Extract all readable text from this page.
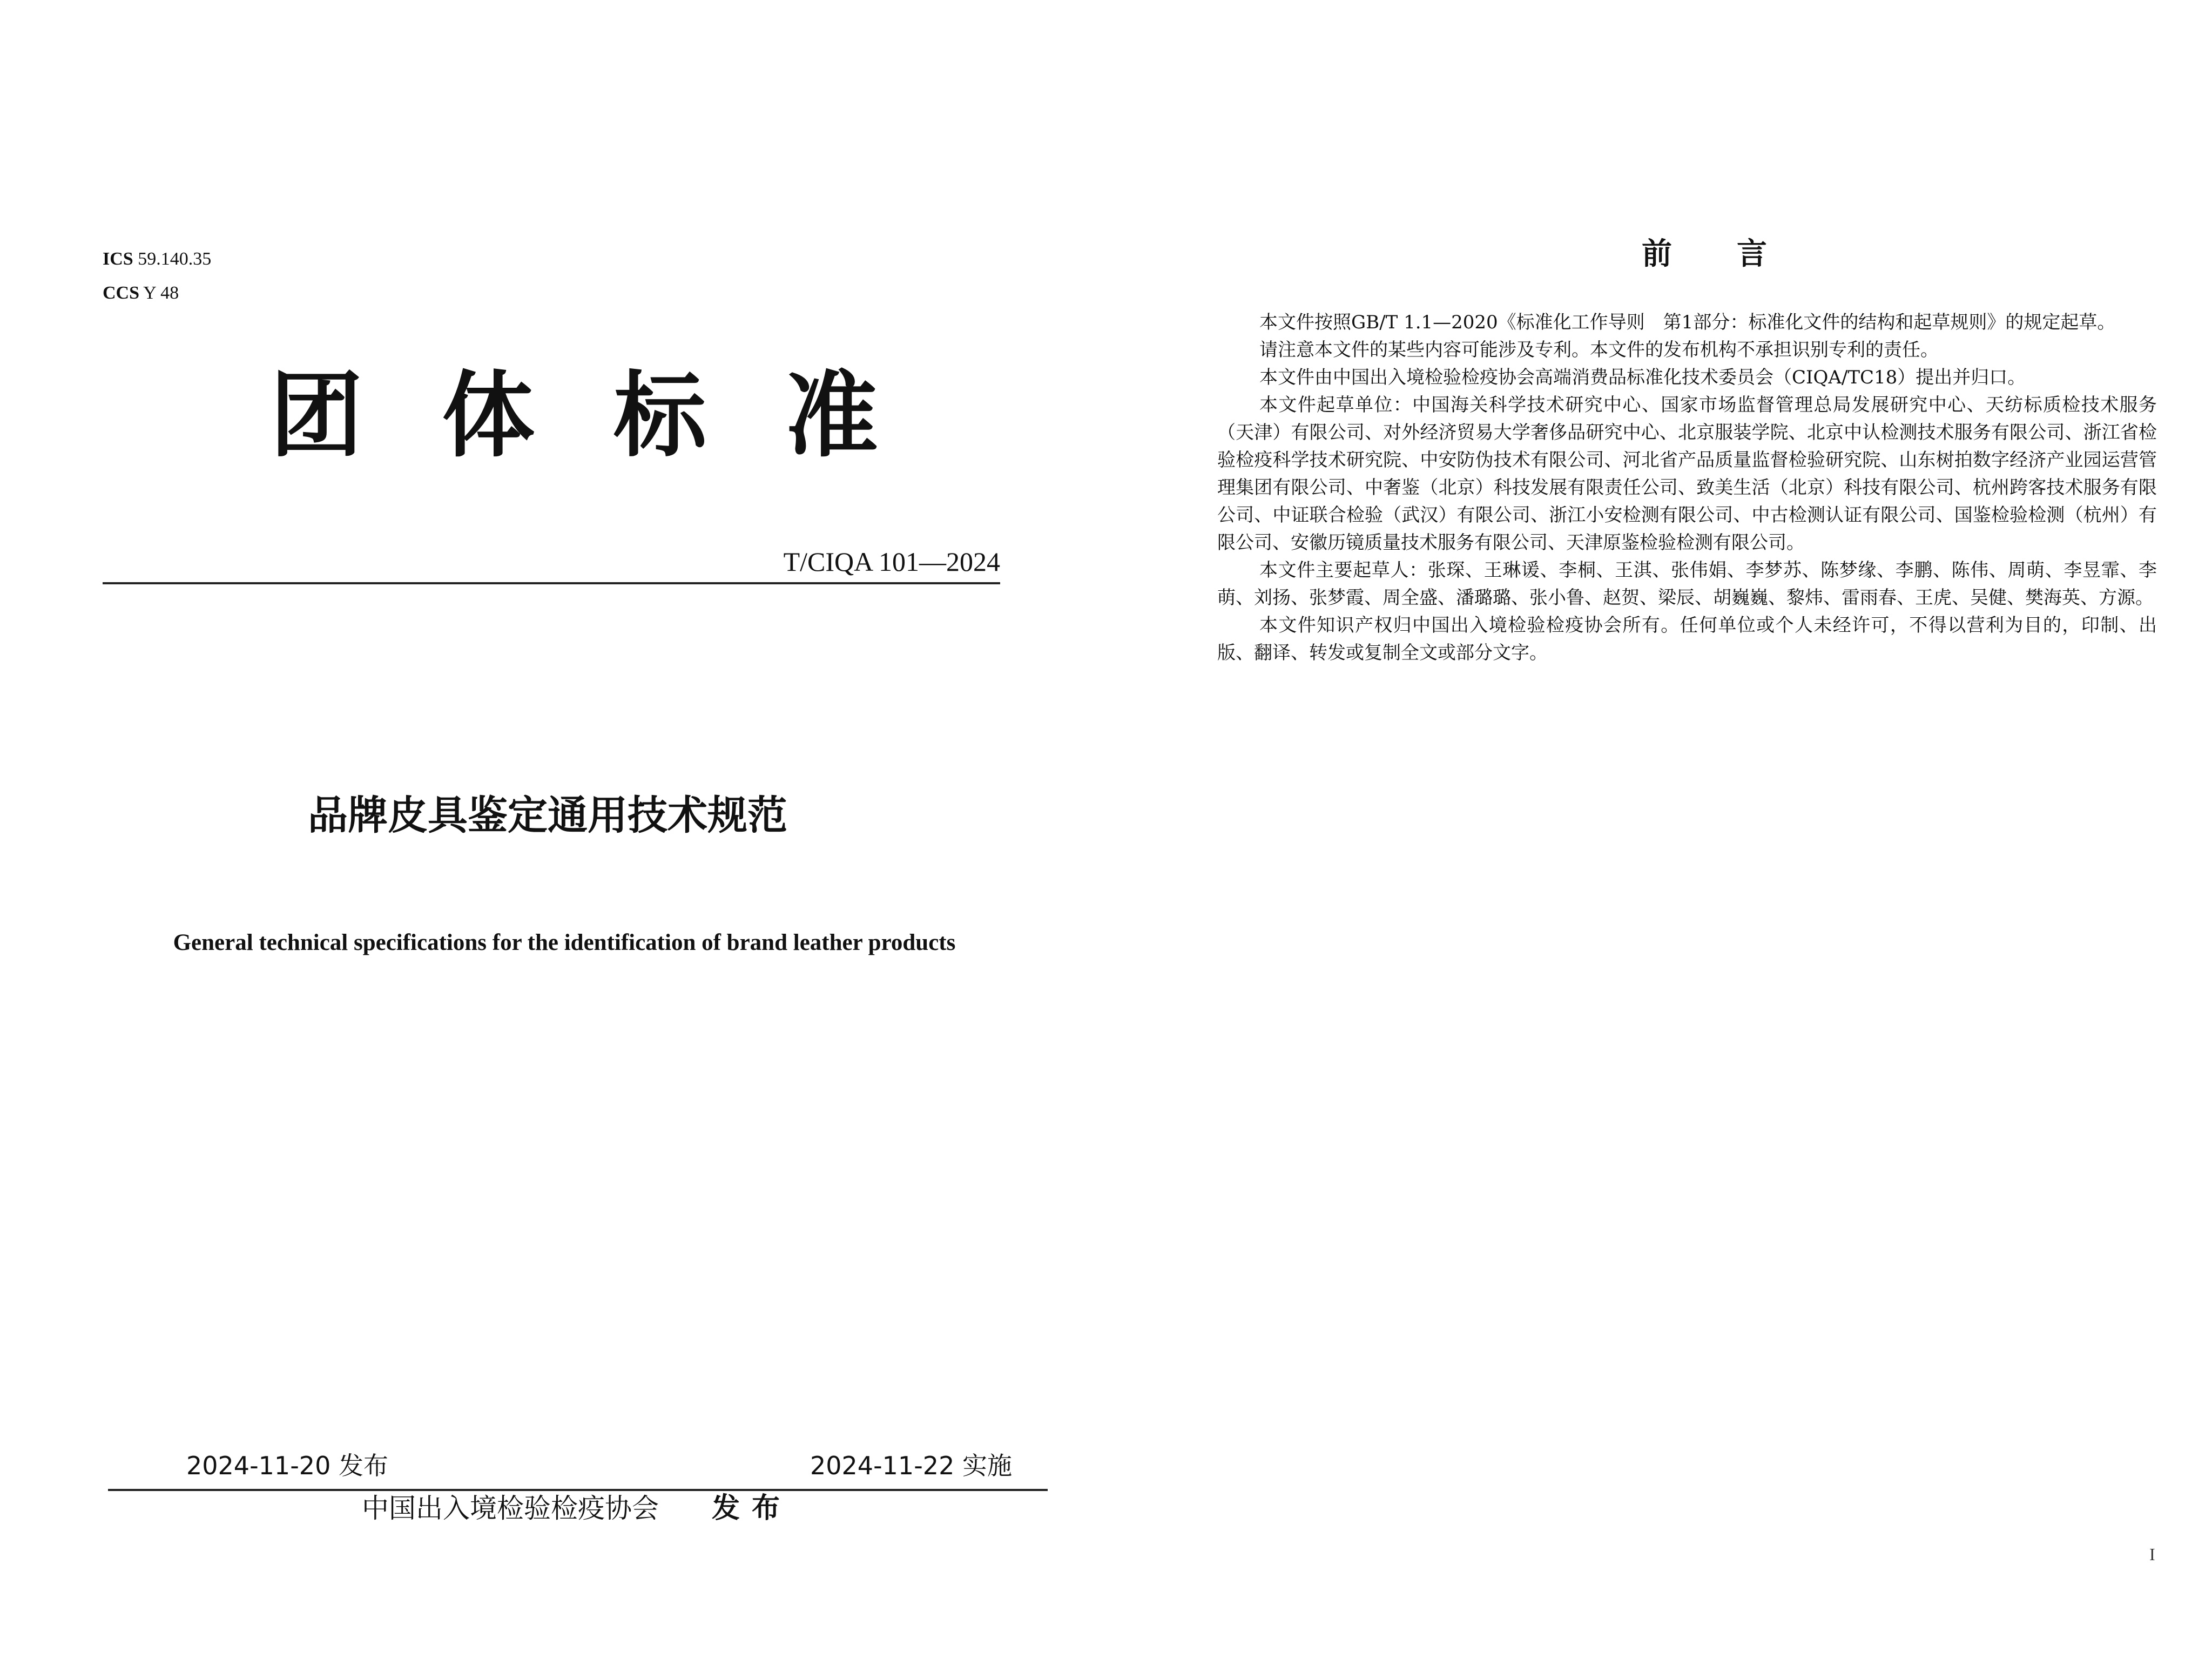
ICS 59.140.35
CCS Y 48
团体标准
T/CIQA 101—2024
品牌皮具鉴定通用技术规范
General technical specifications for the identification of brand leather products
2024-11-20 发布	2024-11-22 实施
中国出入境检验检疫协会 发布
前言

本文件按照GB/T 1.1—2020《标准化工作导则　第1部分：标准化文件的结构和起草规则》的规定起草。

请注意本文件的某些内容可能涉及专利。本文件的发布机构不承担识别专利的责任。

本文件由中国出入境检验检疫协会高端消费品标准化技术委员会（CIQA/TC18）提出并归口。

本文件起草单位：中国海关科学技术研究中心、国家市场监督管理总局发展研究中心、天纺标质检技术服务（天津）有限公司、对外经济贸易大学奢侈品研究中心、北京服装学院、北京中认检测技术服务有限公司、浙江省检验检疫科学技术研究院、中安防伪技术有限公司、河北省产品质量监督检验研究院、山东树拍数字经济产业园运营管理集团有限公司、中奢鉴（北京）科技发展有限责任公司、致美生活（北京）科技有限公司、杭州跨客技术服务有限公司、中证联合检验（武汉）有限公司、浙江小安检测有限公司、中古检测认证有限公司、国鉴检验检测（杭州）有限公司、安徽历镜质量技术服务有限公司、天津原鉴检验检测有限公司。

本文件主要起草人：张琛、王琳谖、李桐、王淇、张伟娟、李梦苏、陈梦缘、李鹏、陈伟、周萌、李昱霏、李萌、刘扬、张梦霞、周全盛、潘璐璐、张小鲁、赵贺、梁辰、胡巍巍、黎炜、雷雨春、王虎、吴健、樊海英、方源。

本文件知识产权归中国出入境检验检疫协会所有。任何单位或个人未经许可，不得以营利为目的，印制、出版、翻译、转发或复制全文或部分文字。

I
